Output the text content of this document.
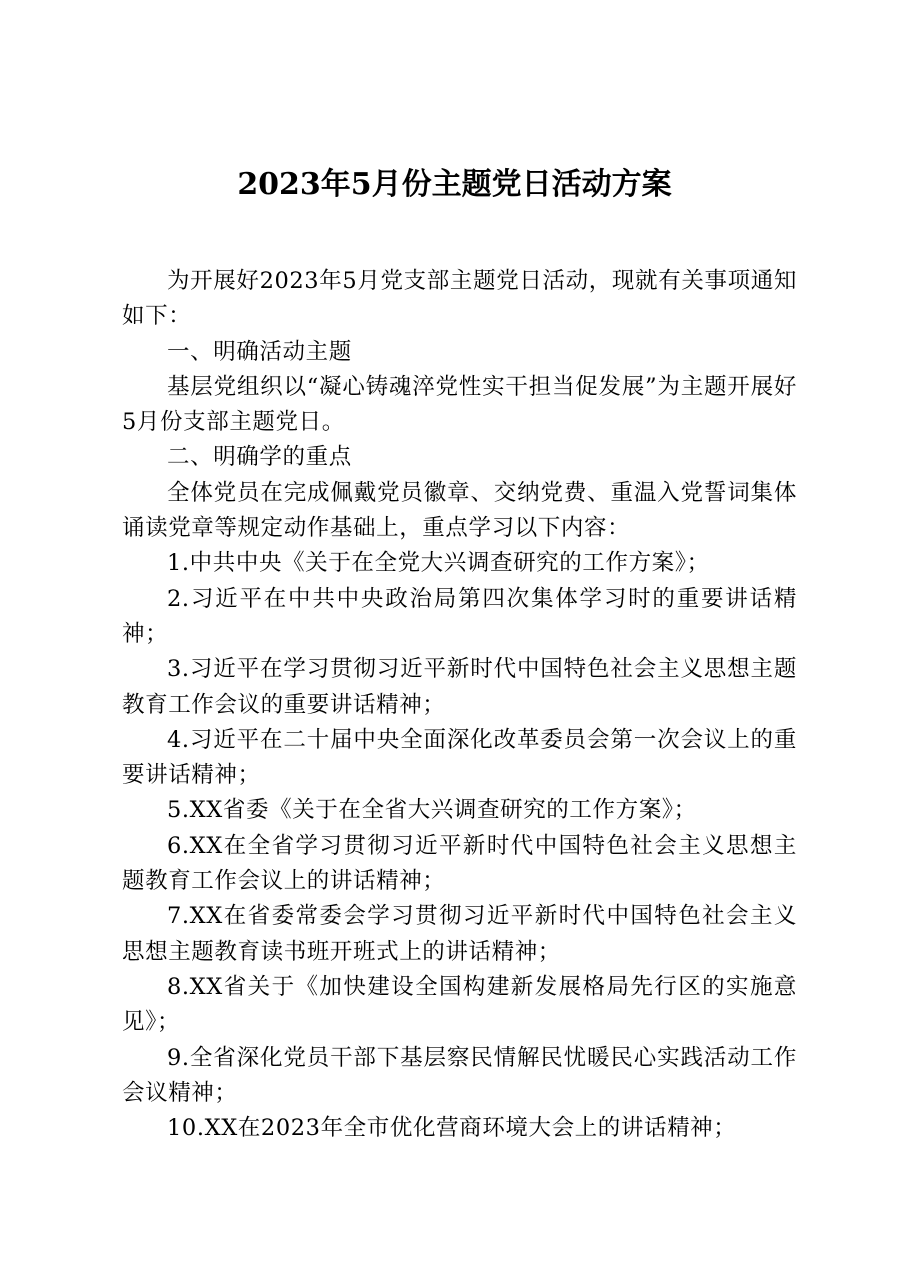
2023年5月份主题党日活动方案

为开展好2023年5月党支部主题党日活动，现就有关事项通知如下：

一、明确活动主题

基层党组织以“凝心铸魂淬党性实干担当促发展”为主题开展好5月份支部主题党日。

二、明确学的重点

全体党员在完成佩戴党员徽章、交纳党费、重温入党誓词集体诵读党章等规定动作基础上，重点学习以下内容：

1.中共中央《关于在全党大兴调查研究的工作方案》；

2.习近平在中共中央政治局第四次集体学习时的重要讲话精神；

3.习近平在学习贯彻习近平新时代中国特色社会主义思想主题教育工作会议的重要讲话精神；

4.习近平在二十届中央全面深化改革委员会第一次会议上的重要讲话精神；

5.XX省委《关于在全省大兴调查研究的工作方案》；

6.XX在全省学习贯彻习近平新时代中国特色社会主义思想主题教育工作会议上的讲话精神；

7.XX在省委常委会学习贯彻习近平新时代中国特色社会主义思想主题教育读书班开班式上的讲话精神；

8.XX省关于《加快建设全国构建新发展格局先行区的实施意见》；

9.全省深化党员干部下基层察民情解民忧暖民心实践活动工作会议精神；

10.XX在2023年全市优化营商环境大会上的讲话精神；
